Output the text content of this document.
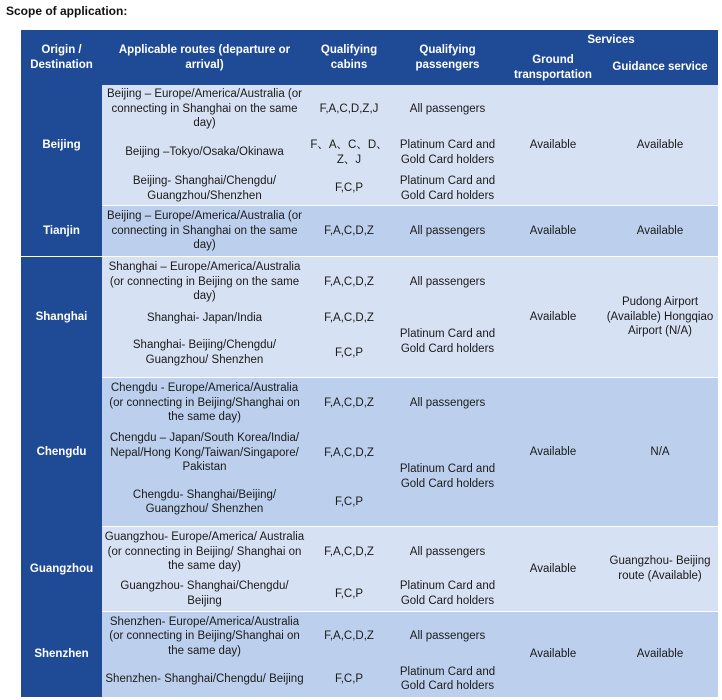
Scope of application:
Origin / Destination	Applicable routes (departure or arrival)	Qualifying cabins	Qualifying passengers	Services	
				Ground transportation	Guidance service
Beijing	Beijing – Europe/America/Australia (or connecting in Shanghai on the same day)	F,A,C,D,Z,J	All passengers	Available	Available
	Beijing –Tokyo/Osaka/Okinawa	F、A、C、D、Z、J	Platinum Card and Gold Card holders		
	Beijing- Shanghai/Chengdu/ Guangzhou/Shenzhen	F,C,P	Platinum Card and Gold Card holders		
Tianjin	Beijing – Europe/America/Australia (or connecting in Shanghai on the same day)	F,A,C,D,Z	All passengers	Available	Available
Shanghai	Shanghai – Europe/America/Australia (or connecting in Beijing on the same day)	F,A,C,D,Z	All passengers	Available	Pudong Airport (Available) Hongqiao Airport (N/A)
	Shanghai- Japan/India	F,A,C,D,Z	Platinum Card and Gold Card holders		
	Shanghai- Beijing/Chengdu/ Guangzhou/ Shenzhen	F,C,P			
Chengdu	Chengdu - Europe/America/Australia (or connecting in Beijing/Shanghai on the same day)	F,A,C,D,Z	All passengers	Available	N/A
	Chengdu – Japan/South Korea/India/ Nepal/Hong Kong/Taiwan/Singapore/ Pakistan	F,A,C,D,Z	Platinum Card and Gold Card holders		
	Chengdu- Shanghai/Beijing/ Guangzhou/ Shenzhen	F,C,P			
Guangzhou	Guangzhou- Europe/America/ Australia (or connecting in Beijing/ Shanghai on the same day)	F,A,C,D,Z	All passengers	Available	Guangzhou- Beijing route (Available)
	Guangzhou- Shanghai/Chengdu/ Beijing	F,C,P	Platinum Card and Gold Card holders		
Shenzhen	Shenzhen- Europe/America/Australia (or connecting in Beijing/Shanghai on the same day)	F,A,C,D,Z	All passengers	Available	Available
	Shenzhen- Shanghai/Chengdu/ Beijing	F,C,P	Platinum Card and Gold Card holders		
